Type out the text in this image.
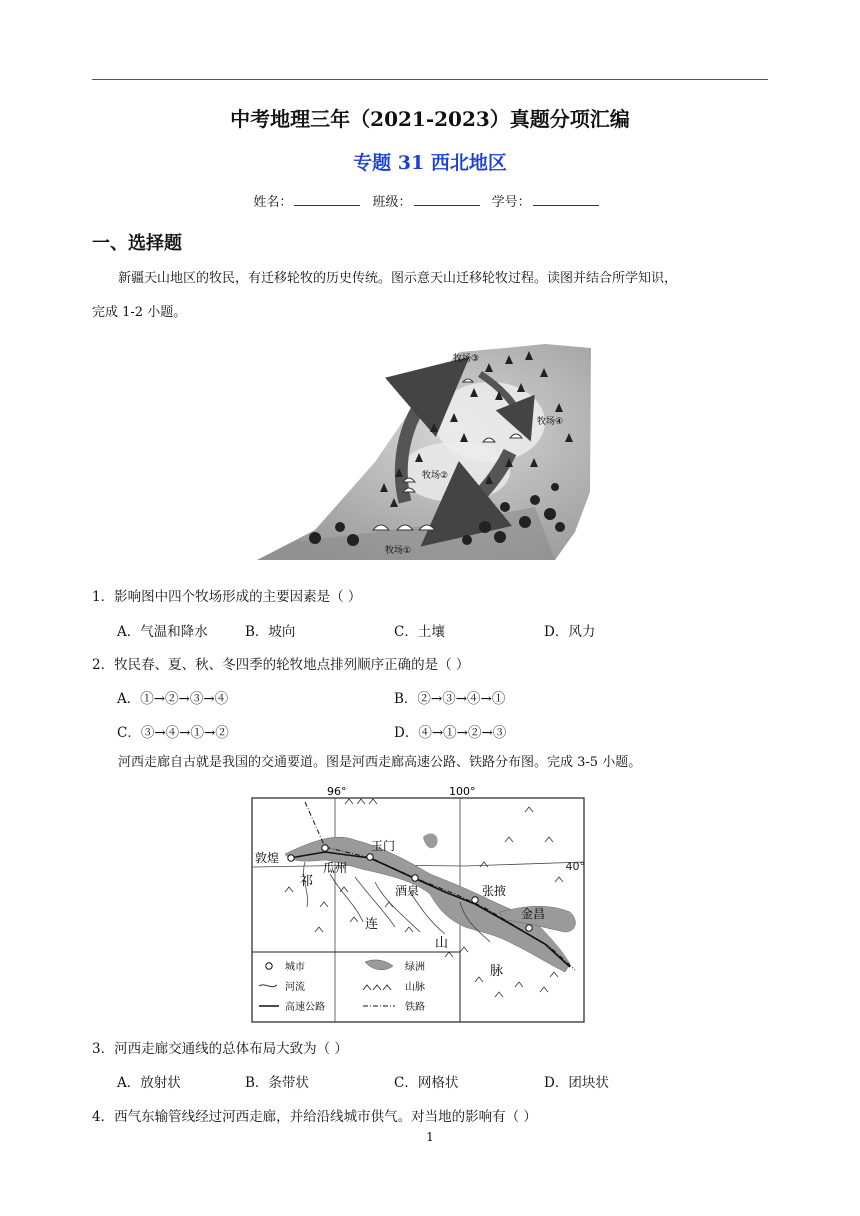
中考地理三年（2021-2023）真题分项汇编
专题 31 西北地区
姓名：	班级：	学号：
一、选择题
新疆天山地区的牧民，有迁移轮牧的历史传统。图示意天山迁移轮牧过程。读图并结合所学知识，
完成 1-2 小题。
牧场③
牧场④
牧场②
牧场①
1．影响图中四个牧场形成的主要因素是（ ）
A．气温和降水	B．坡向	C．土壤	D．风力
2．牧民春、夏、秋、冬四季的轮牧地点排列顺序正确的是（ ）
A．①→②→③→④	B．②→③→④→①
C．③→④→①→②	D．④→①→②→③
河西走廊自古就是我国的交通要道。图是河西走廊高速公路、铁路分布图。完成 3-5 小题。
96°	100°
40°
敦煌
瓜州
玉门
酒泉	张掖
金昌
祁
连
山
脉
城市	绿洲
河流	山脉
高速公路	铁路
3．河西走廊交通线的总体布局大致为（ ）
A．放射状	B．条带状	C．网格状	D．团块状
4．西气东输管线经过河西走廊，并给沿线城市供气。对当地的影响有（ ）
1
